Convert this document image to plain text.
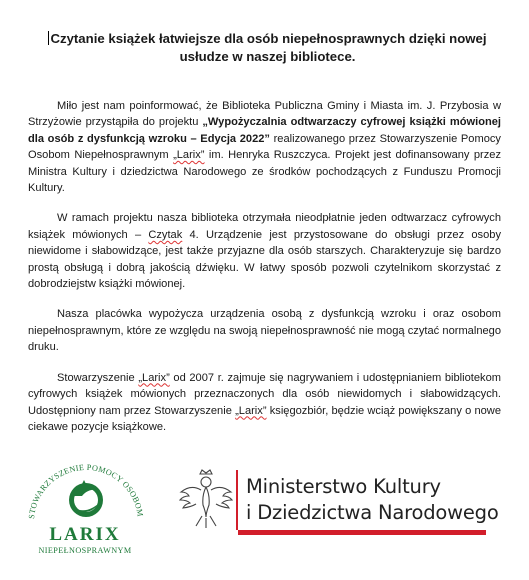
Czytanie książek łatwiejsze dla osób niepełnosprawnych dzięki nowej
usłudze w naszej bibliotece.

Miło jest nam poinformować, że Biblioteka Publiczna Gminy i Miasta im. J. Przybosia w Strzyżowie przystąpiła do projektu „Wypożyczalnia odtwarzaczy cyfrowej książki mówionej dla osób z dysfunkcją wzroku – Edycja 2022” realizowanego przez Stowarzyszenie Pomocy Osobom Niepełnosprawnym „Larix” im. Henryka Ruszczyca. Projekt jest dofinansowany przez Ministra Kultury i dziedzictwa Narodowego ze środków pochodzących z Funduszu Promocji Kultury.

W ramach projektu nasza biblioteka otrzymała nieodpłatnie jeden odtwarzacz cyfrowych książek mówionych – Czytak 4. Urządzenie jest przystosowane do obsługi przez osoby niewidome i słabowidzące, jest także przyjazne dla osób starszych. Charakteryzuje się bardzo prostą obsługą i dobrą jakością dźwięku. W łatwy sposób pozwoli czytelnikom skorzystać z dobrodziejstw książki mówionej.

Nasza placówka wypożycza urządzenia osobą z dysfunkcją wzroku i oraz osobom niepełnosprawnym, które ze względu na swoją niepełnosprawność nie mogą czytać normalnego druku.

Stowarzyszenie „Larix” od 2007 r. zajmuje się nagrywaniem i udostępnianiem bibliotekom cyfrowych książek mówionych przeznaczonych dla osób niewidomych i słabowidzących. Udostępniony nam przez Stowarzyszenie „Larix” księgozbiór, będzie wciąż powiększany o nowe ciekawe pozycje książkowe.

STOWARZYSZENIE POMOCY OSOBOM
LARIX
NIEPEŁNOSPRAWNYM
Ministerstwo Kultury
i Dziedzictwa Narodowego
